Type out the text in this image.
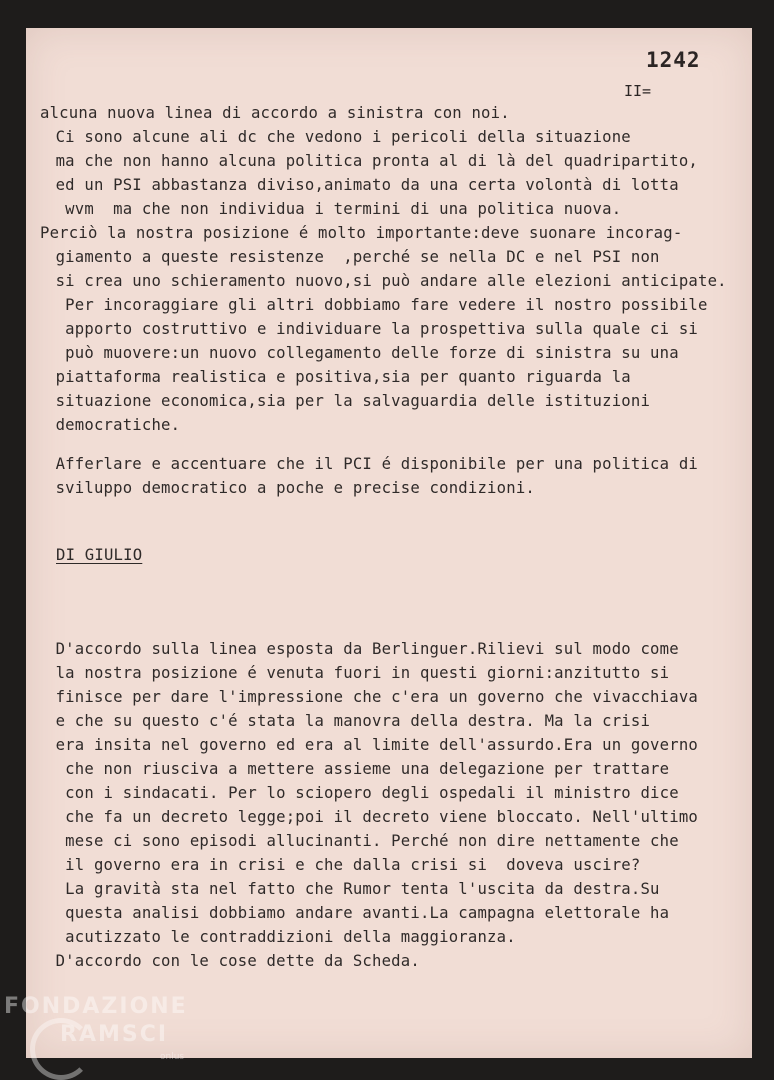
1242
II=
alcuna nuova linea di accordo a sinistra con noi.
Ci sono alcune ali dc che vedono i pericoli della situazione
ma che non hanno alcuna politica pronta al di là del quadripartito,
ed un PSI abbastanza diviso,animato da una certa volontà di lotta
wvm  ma che non individua i termini di una politica nuova.
Perciò la nostra posizione é molto importante:deve suonare incorag-
giamento a queste resistenze  ,perché se nella DC e nel PSI non
si crea uno schieramento nuovo,si può andare alle elezioni anticipate.
Per incoraggiare gli altri dobbiamo fare vedere il nostro possibile
apporto costruttivo e individuare la prospettiva sulla quale ci si
può muovere:un nuovo collegamento delle forze di sinistra su una
piattaforma realistica e positiva,sia per quanto riguarda la
situazione economica,sia per la salvaguardia delle istituzioni
democratiche.
Afferlare e accentuare che il PCI é disponibile per una politica di
sviluppo democratico a poche e precise condizioni.
DI GIULIO
D'accordo sulla linea esposta da Berlinguer.Rilievi sul modo come
la nostra posizione é venuta fuori in questi giorni:anzitutto si
finisce per dare l'impressione che c'era un governo che vivacchiava
e che su questo c'é stata la manovra della destra. Ma la crisi
era insita nel governo ed era al limite dell'assurdo.Era un governo
che non riusciva a mettere assieme una delegazione per trattare
con i sindacati. Per lo sciopero degli ospedali il ministro dice
che fa un decreto legge;poi il decreto viene bloccato. Nell'ultimo
mese ci sono episodi allucinanti. Perché non dire nettamente che
il governo era in crisi e che dalla crisi si  doveva uscire?
La gravità sta nel fatto che Rumor tenta l'uscita da destra.Su
questa analisi dobbiamo andare avanti.La campagna elettorale ha
acutizzato le contraddizioni della maggioranza.
D'accordo con le cose dette da Scheda.
FONDAZIONE
RAMSCI
onlus
